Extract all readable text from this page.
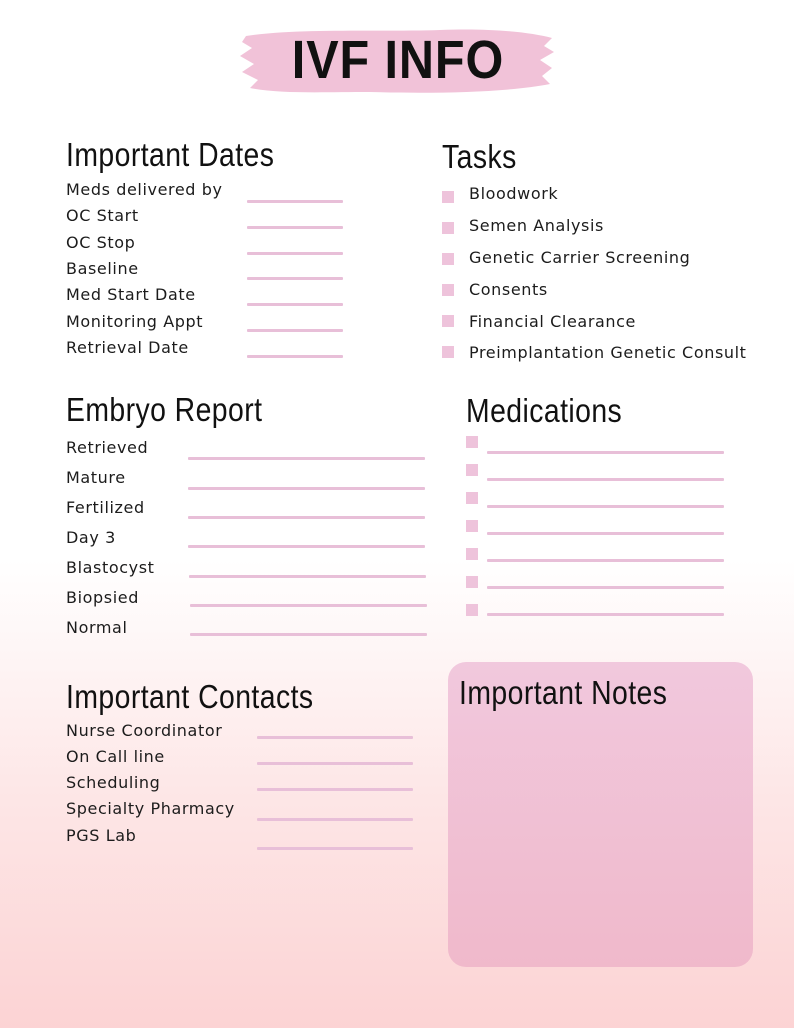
IVF INFO
Important Dates
Meds delivered by
OC Start
OC Stop
Baseline
Med Start Date
Monitoring Appt
Retrieval Date
Tasks
Bloodwork
Semen Analysis
Genetic Carrier Screening
Consents
Financial Clearance
Preimplantation Genetic Consult
Embryo Report
Retrieved
Mature
Fertilized
Day 3
Blastocyst
Biopsied
Normal
Medications
Important Contacts
Nurse Coordinator
On Call line
Scheduling
Specialty Pharmacy
PGS Lab
Important Notes
